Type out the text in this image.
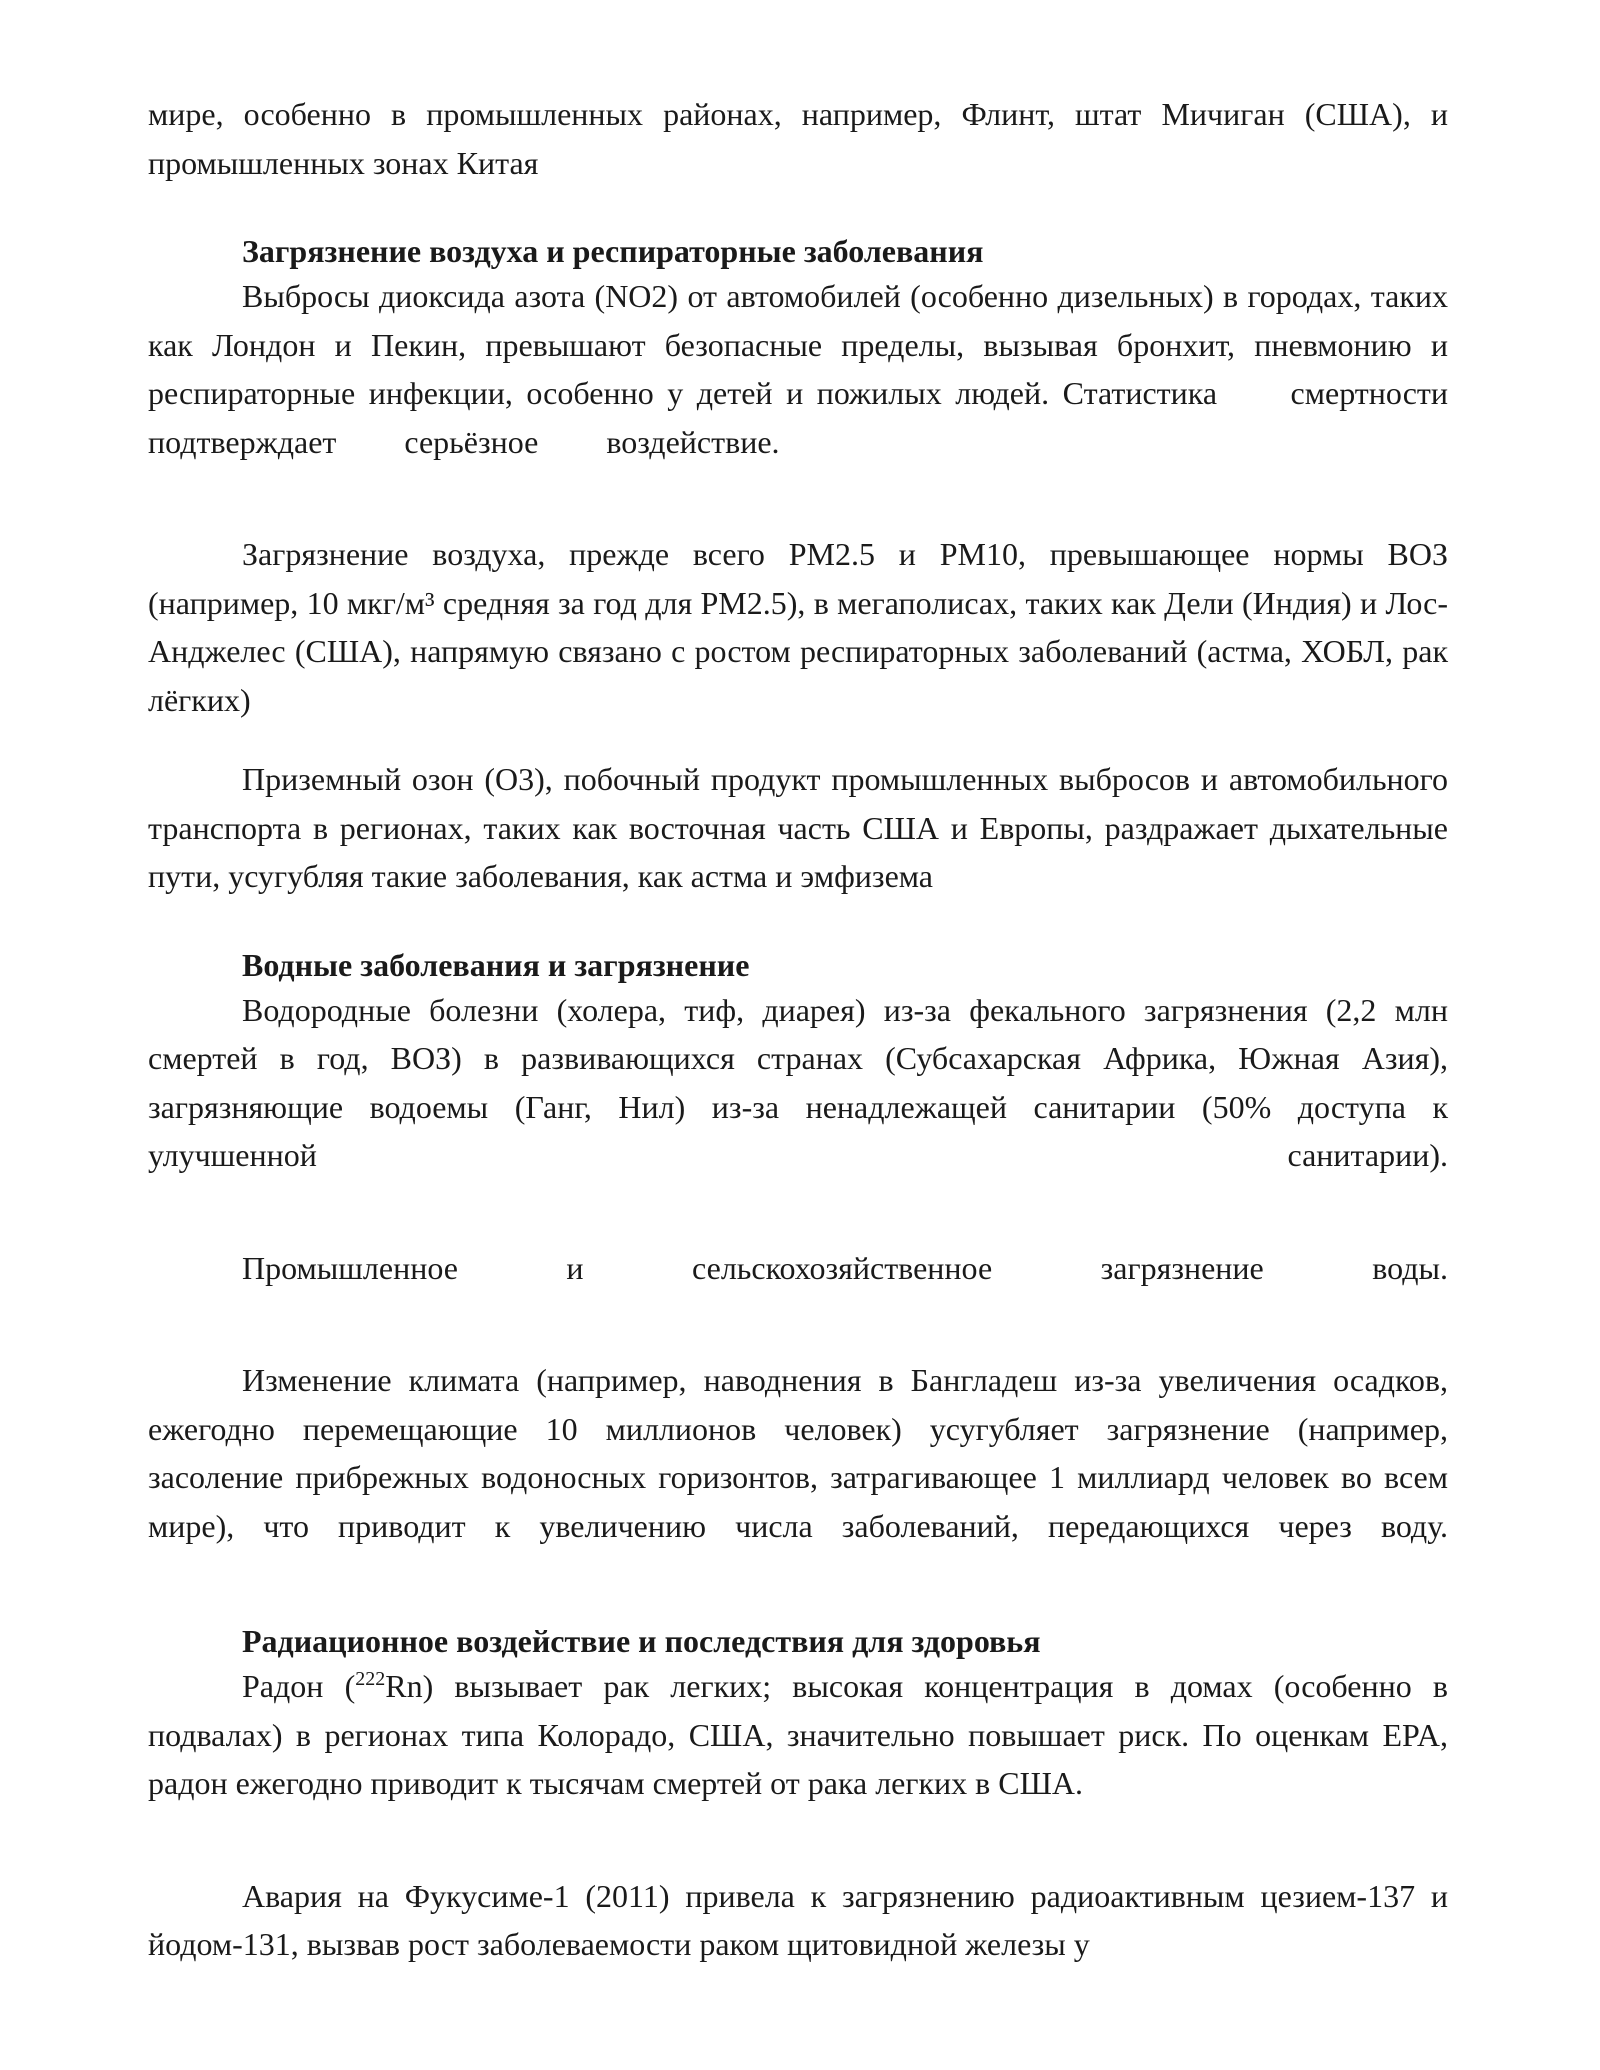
мире, особенно в промышленных районах, например, Флинт, штат Мичиган (США), и промышленных зонах Китая

Загрязнение воздуха и респираторные заболевания

Выбросы диоксида азота (NO2) от автомобилей (особенно дизельных) в городах, таких как Лондон и Пекин, превышают безопасные пределы, вызывая бронхит, пневмонию и респираторные инфекции, особенно у детей и пожилых людей. Статистика смертности подтверждает серьёзное воздействие.

Загрязнение воздуха, прежде всего PM2.5 и PM10, превышающее нормы ВОЗ (например, 10 мкг/м³ средняя за год для PM2.5), в мегаполисах, таких как Дели (Индия) и Лос-Анджелес (США), напрямую связано с ростом респираторных заболеваний (астма, ХОБЛ, рак лёгких)

Приземный озон (O3), побочный продукт промышленных выбросов и автомобильного транспорта в регионах, таких как восточная часть США и Европы, раздражает дыхательные пути, усугубляя такие заболевания, как астма и эмфизема

Водные заболевания и загрязнение

Водородные болезни (холера, тиф, диарея) из-за фекального загрязнения (2,2 млн смертей в год, ВОЗ) в развивающихся странах (Субсахарская Африка, Южная Азия), загрязняющие водоемы (Ганг, Нил) из-за ненадлежащей санитарии (50% доступа к улучшенной санитарии).

Промышленное и сельскохозяйственное загрязнение воды.

Изменение климата (например, наводнения в Бангладеш из-за увеличения осадков, ежегодно перемещающие 10 миллионов человек) усугубляет загрязнение (например, засоление прибрежных водоносных горизонтов, затрагивающее 1 миллиард человек во всем мире), что приводит к увеличению числа заболеваний, передающихся через воду.

Радиационное воздействие и последствия для здоровья

Радон ($^{222}$Rn) вызывает рак легких; высокая концентрация в домах (особенно в подвалах) в регионах типа Колорадо, США, значительно повышает риск. По оценкам EPA, радон ежегодно приводит к тысячам смертей от рака легких в США.

Авария на Фукусиме-1 (2011) привела к загрязнению радиоактивным цезием-137 и йодом-131, вызвав рост заболеваемости раком щитовидной железы у
